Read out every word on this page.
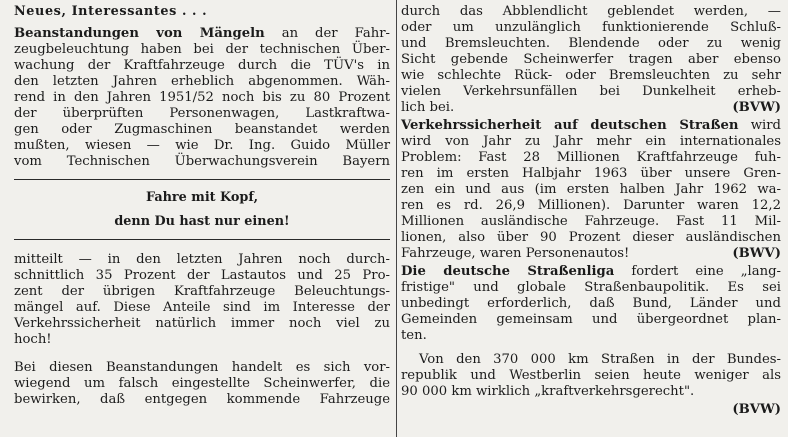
Neues, Interessantes . . .
Beanstandungen von Mängeln an der Fahr-
zeugbeleuchtung haben bei der technischen Über-
wachung der Kraftfahrzeuge durch die TÜV's in
den letzten Jahren erheblich abgenommen. Wäh-
rend in den Jahren 1951/52 noch bis zu 80 Prozent
der überprüften Personenwagen, Lastkraftwa-
gen oder Zugmaschinen beanstandet werden
mußten, wiesen — wie Dr. Ing. Guido Müller
vom Technischen Überwachungsverein Bayern
Fahre mit Kopf,
denn Du hast nur einen!
mitteilt — in den letzten Jahren noch durch-
schnittlich 35 Prozent der Lastautos und 25 Pro-
zent der übrigen Kraftfahrzeuge Beleuchtungs-
mängel auf. Diese Anteile sind im Interesse der
Verkehrssicherheit natürlich immer noch viel zu
hoch!
Bei diesen Beanstandungen handelt es sich vor-
wiegend um falsch eingestellte Scheinwerfer, die
bewirken, daß entgegen kommende Fahrzeuge
durch das Abblendlicht geblendet werden, —
oder um unzulänglich funktionierende Schluß-
und Bremsleuchten. Blendende oder zu wenig
Sicht gebende Scheinwerfer tragen aber ebenso
wie schlechte Rück- oder Bremsleuchten zu sehr
vielen Verkehrsunfällen bei Dunkelheit erheb-
lich bei.	(BVW)
Verkehrssicherheit auf deutschen Straßen wird
wird von Jahr zu Jahr mehr ein internationales
Problem: Fast 28 Millionen Kraftfahrzeuge fuh-
ren im ersten Halbjahr 1963 über unsere Gren-
zen ein und aus (im ersten halben Jahr 1962 wa-
ren es rd. 26,9 Millionen). Darunter waren 12,2
Millionen ausländische Fahrzeuge. Fast 11 Mil-
lionen, also über 90 Prozent dieser ausländischen
Fahrzeuge, waren Personenautos!	(BWV)
Die deutsche Straßenliga fordert eine „lang-
fristige" und globale Straßenbaupolitik. Es sei
unbedingt erforderlich, daß Bund, Länder und
Gemeinden gemeinsam und übergeordnet plan-
ten.
Von den 370 000 km Straßen in der Bundes-
republik und Westberlin seien heute weniger als
90 000 km wirklich „kraftverkehrsgerecht".
(BVW)
